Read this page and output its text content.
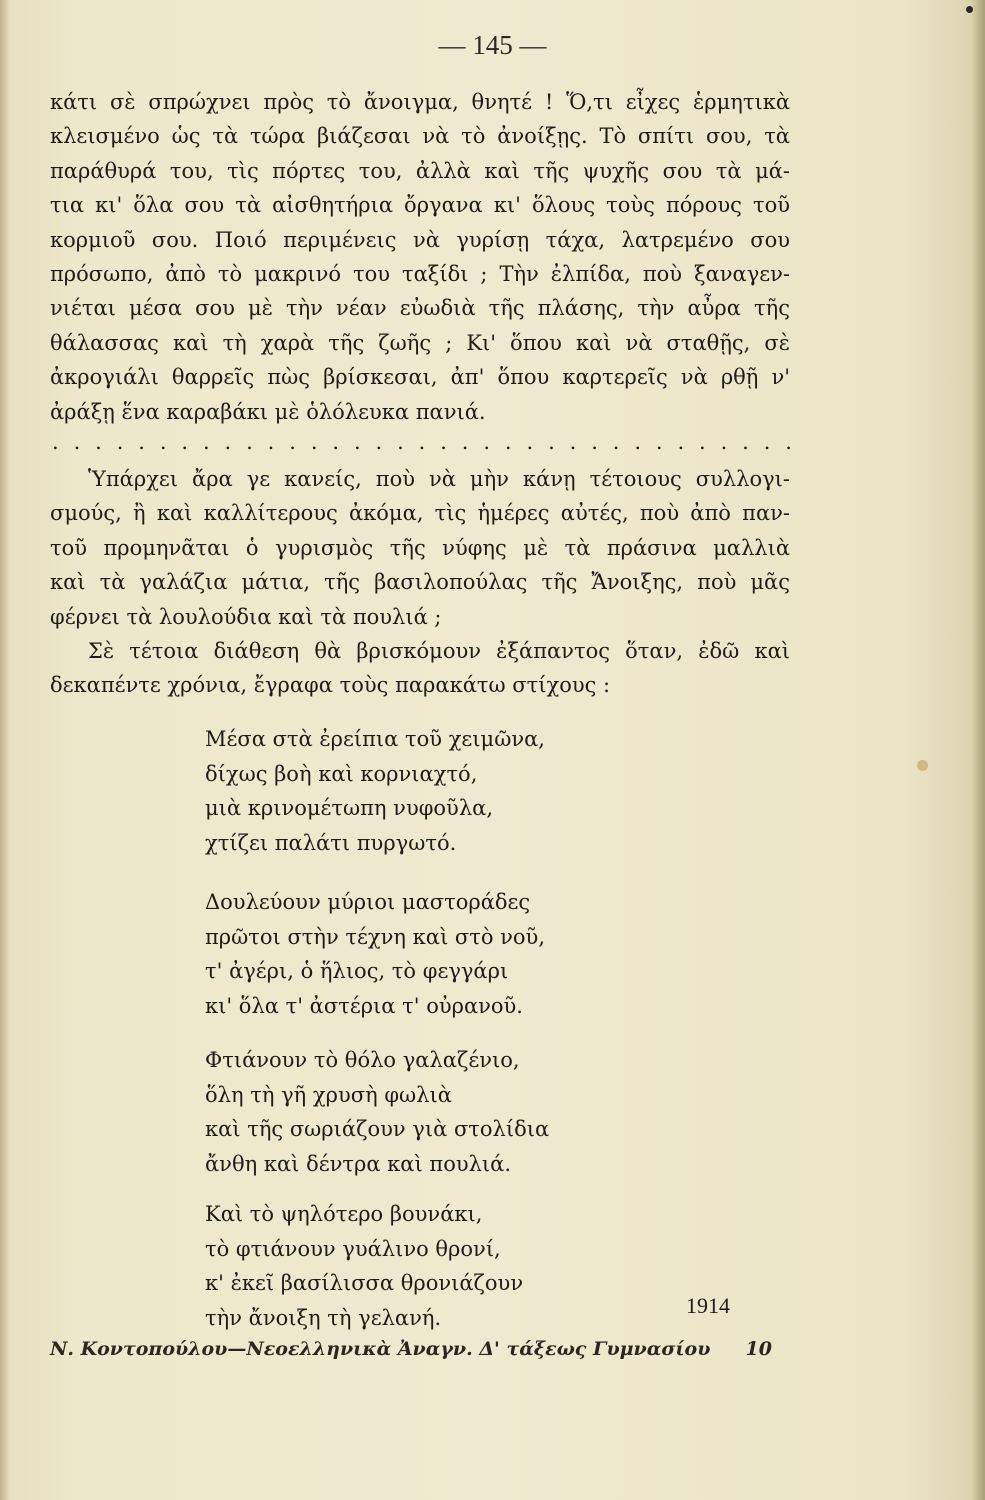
— 145 —
κάτι σὲ σπρώχνει πρὸς τὸ ἄνοιγμα, θνητέ ! Ὅ,τι εἶχες ἑρμητικὰ
κλεισμένο ὡς τὰ τώρα βιάζεσαι νὰ τὸ ἀνοίξῃς. Τὸ σπίτι σου, τὰ
παράθυρά του, τὶς πόρτες του, ἀλλὰ καὶ τῆς ψυχῆς σου τὰ μά-
τια κι' ὅλα σου τὰ αἰσθητήρια ὄργανα κι' ὅλους τοὺς πόρους τοῦ
κορμιοῦ σου. Ποιό περιμένεις νὰ γυρίσῃ τάχα, λατρεμένο σου
πρόσωπο, ἀπὸ τὸ μακρινό του ταξίδι ; Τὴν ἐλπίδα, ποὺ ξαναγεν-
νιέται μέσα σου μὲ τὴν νέαν εὐωδιὰ τῆς πλάσης, τὴν αὖρα τῆς
θάλασσας καὶ τὴ χαρὰ τῆς ζωῆς ; Κι' ὅπου καὶ νὰ σταθῇς, σὲ
ἀκρογιάλι θαρρεῖς πὼς βρίσκεσαι, ἀπ' ὅπου καρτερεῖς νὰ ρθῇ ν'
ἀράξῃ ἕνα καραβάκι μὲ ὁλόλευκα πανιά.
. . . . . . . . . . . . . . . . . . . . . . . . . . . . . . . . . . .
Ὑπάρχει ἄρα γε κανείς, ποὺ νὰ μὴν κάνῃ τέτοιους συλλογι-
σμούς, ἢ καὶ καλλίτερους ἀκόμα, τὶς ἡμέρες αὐτές, ποὺ ἀπὸ παν-
τοῦ προμηνᾶται ὁ γυρισμὸς τῆς νύφης μὲ τὰ πράσινα μαλλιὰ
καὶ τὰ γαλάζια μάτια, τῆς βασιλοπούλας τῆς Ἄνοιξης, ποὺ μᾶς
φέρνει τὰ λουλούδια καὶ τὰ πουλιά ;
Σὲ τέτοια διάθεση θὰ βρισκόμουν ἐξάπαντος ὅταν, ἐδῶ καὶ
δεκαπέντε χρόνια, ἔγραφα τοὺς παρακάτω στίχους :
Μέσα στὰ ἐρείπια τοῦ χειμῶνα,
δίχως βοὴ καὶ κορνιαχτό,
μιὰ κρινομέτωπη νυφοῦλα,
χτίζει παλάτι πυργωτό.
Δουλεύουν μύριοι μαστοράδες
πρῶτοι στὴν τέχνη καὶ στὸ νοῦ,
τ' ἀγέρι, ὁ ἥλιος, τὸ φεγγάρι
κι' ὅλα τ' ἀστέρια τ' οὐρανοῦ.
Φτιάνουν τὸ θόλο γαλαζένιο,
ὅλη τὴ γῆ χρυσὴ φωλιὰ
καὶ τῆς σωριάζουν γιὰ στολίδια
ἄνθη καὶ δέντρα καὶ πουλιά.
Καὶ τὸ ψηλότερο βουνάκι,
τὸ φτιάνουν γυάλινο θρονί,
κ' ἐκεῖ βασίλισσα θρονιάζουν
τὴν ἄνοιξη τὴ γελανή.	1914
Ν. Κοντοπούλου—Νεοελληνικὰ Ἀναγν. Δ' τάξεως Γυμνασίου 10
